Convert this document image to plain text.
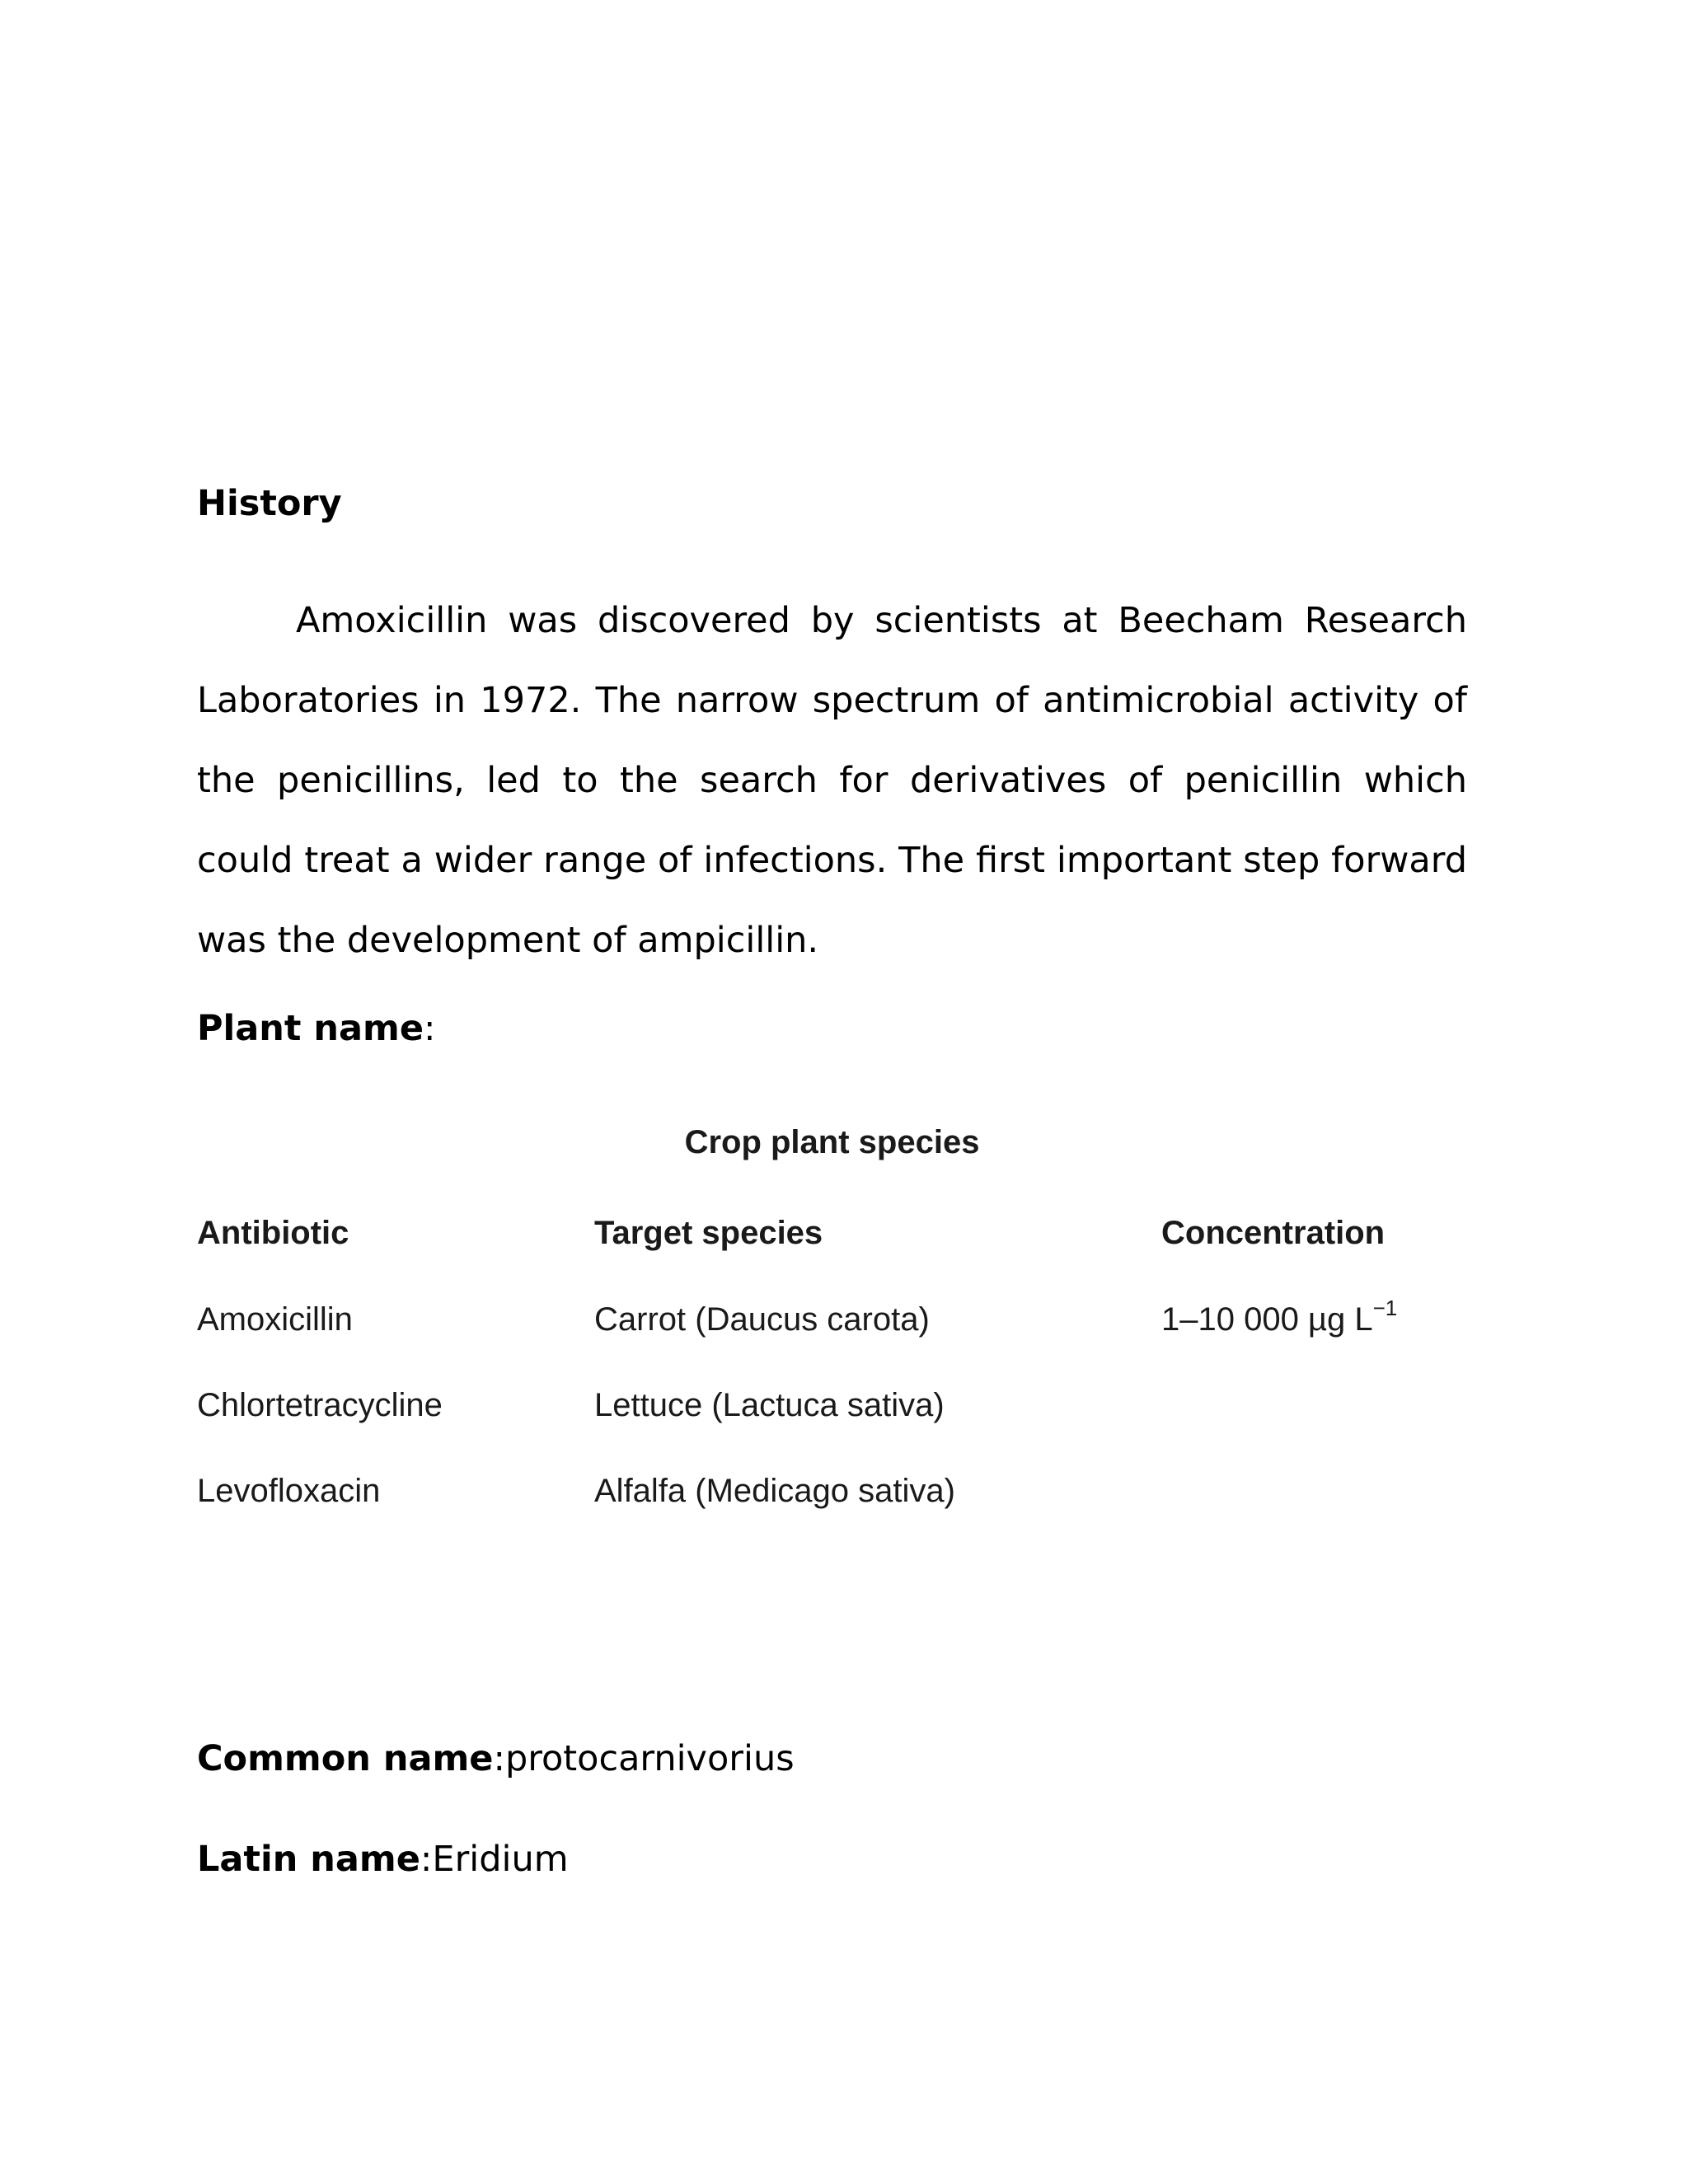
History

Amoxicillin was discovered by scientists at Beecham Research Laboratories in 1972. The narrow spectrum of antimicrobial activity of the penicillins, led to the search for derivatives of penicillin which could treat a wider range of infections. The first important step forward was the development of ampicillin.

Plant name:
Crop plant species
Antibiotic	Target species	Concentration
Amoxicillin	Carrot (Daucus carota)	1–10 000 µg $L^{-1}$
Chlortetracycline	Lettuce (Lactuca sativa)
Levofloxacin	Alfalfa (Medicago sativa)
Common name:protocarnivorius
Latin name:Eridium
